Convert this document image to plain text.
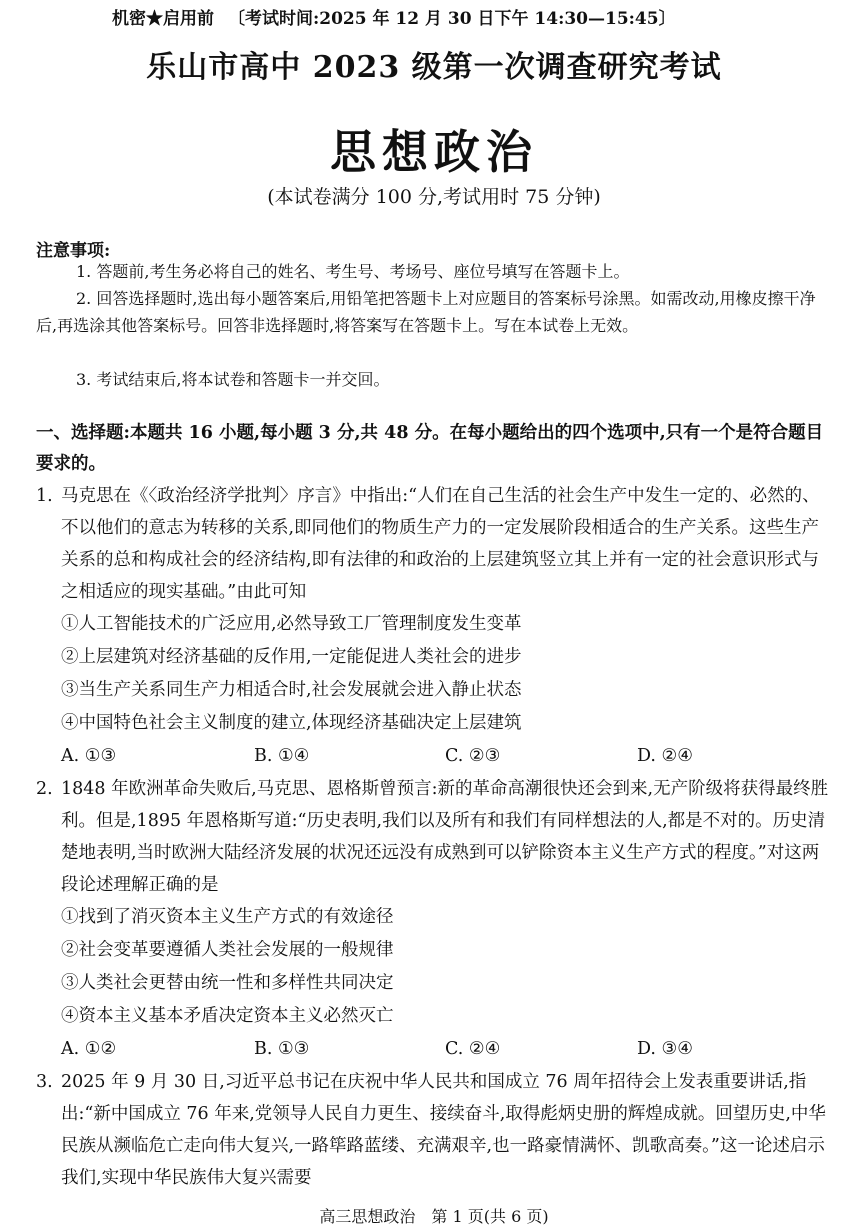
机密★启用前 〔考试时间:2025 年 12 月 30 日下午 14:30—15:45〕
乐山市高中 2023 级第一次调查研究考试
思想政治
(本试卷满分 100 分,考试用时 75 分钟)
注意事项:
1. 答题前,考生务必将自己的姓名、考生号、考场号、座位号填写在答题卡上。
2. 回答选择题时,选出每小题答案后,用铅笔把答题卡上对应题目的答案标号涂黑。如需改动,用橡皮擦干净后,再选涂其他答案标号。回答非选择题时,将答案写在答题卡上。写在本试卷上无效。
3. 考试结束后,将本试卷和答题卡一并交回。
一、选择题:本题共 16 小题,每小题 3 分,共 48 分。在每小题给出的四个选项中,只有一个是符合题目要求的。
1. 马克思在《〈政治经济学批判〉序言》中指出:“人们在自己生活的社会生产中发生一定的、必然的、不以他们的意志为转移的关系,即同他们的物质生产力的一定发展阶段相适合的生产关系。这些生产关系的总和构成社会的经济结构,即有法律的和政治的上层建筑竖立其上并有一定的社会意识形式与之相适应的现实基础。”由此可知
①人工智能技术的广泛应用,必然导致工厂管理制度发生变革
②上层建筑对经济基础的反作用,一定能促进人类社会的进步
③当生产关系同生产力相适合时,社会发展就会进入静止状态
④中国特色社会主义制度的建立,体现经济基础决定上层建筑
A. ①③	B. ①④	C. ②③	D. ②④
2. 1848 年欧洲革命失败后,马克思、恩格斯曾预言:新的革命高潮很快还会到来,无产阶级将获得最终胜利。但是,1895 年恩格斯写道:“历史表明,我们以及所有和我们有同样想法的人,都是不对的。历史清楚地表明,当时欧洲大陆经济发展的状况还远没有成熟到可以铲除资本主义生产方式的程度。”对这两段论述理解正确的是
①找到了消灭资本主义生产方式的有效途径
②社会变革要遵循人类社会发展的一般规律
③人类社会更替由统一性和多样性共同决定
④资本主义基本矛盾决定资本主义必然灭亡
A. ①②	B. ①③	C. ②④	D. ③④
3. 2025 年 9 月 30 日,习近平总书记在庆祝中华人民共和国成立 76 周年招待会上发表重要讲话,指出:“新中国成立 76 年来,党领导人民自力更生、接续奋斗,取得彪炳史册的辉煌成就。回望历史,中华民族从濒临危亡走向伟大复兴,一路筚路蓝缕、充满艰辛,也一路豪情满怀、凯歌高奏。”这一论述启示我们,实现中华民族伟大复兴需要
高三思想政治　第 1 页(共 6 页)
